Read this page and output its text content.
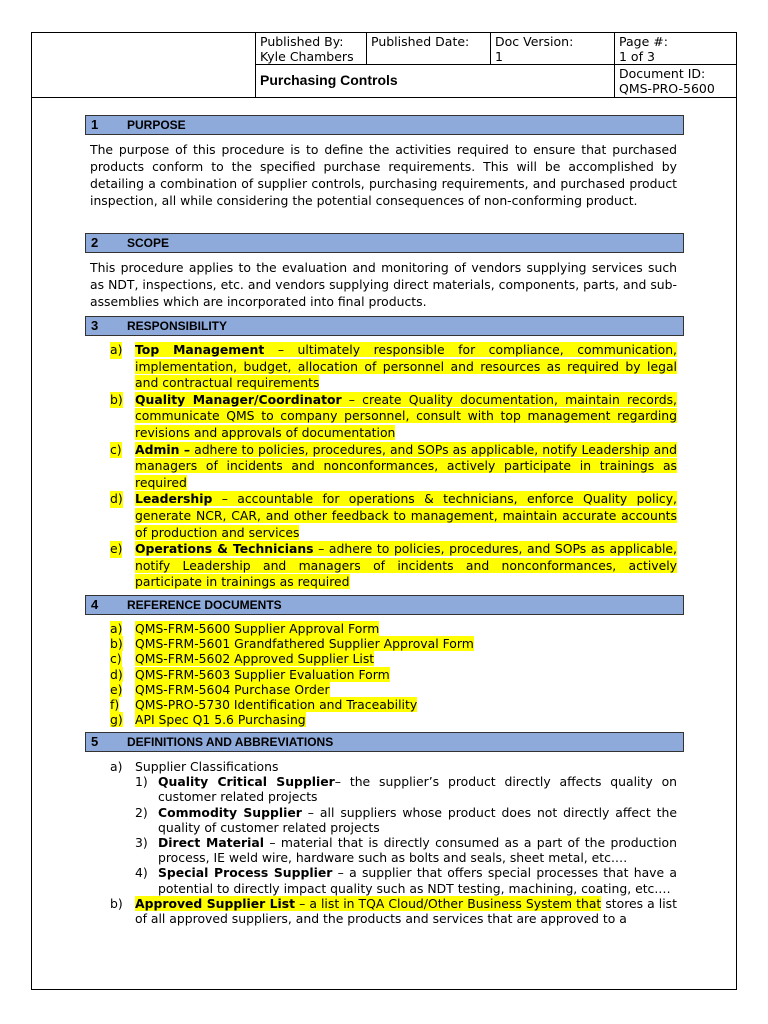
Published By:
Kyle Chambers
Published Date:	Doc Version:
1
Page #:
1 of 3
Purchasing Controls	Document ID:
QMS-PRO-5600
1 PURPOSE

The purpose of this procedure is to define the activities required to ensure that purchased products conform to the specified purchase requirements. This will be accomplished by detailing a combination of supplier controls, purchasing requirements, and purchased product inspection, all while considering the potential consequences of non-conforming product.

2 SCOPE

This procedure applies to the evaluation and monitoring of vendors supplying services such as NDT, inspections, etc. and vendors supplying direct materials, components, parts, and sub-assemblies which are incorporated into final products.

3 RESPONSIBILITY
a) Top Management – ultimately responsible for compliance, communication, implementation, budget, allocation of personnel and resources as required by legal and contractual requirements
b) Quality Manager/Coordinator – create Quality documentation, maintain records, communicate QMS to company personnel, consult with top management regarding revisions and approvals of documentation
c) Admin – adhere to policies, procedures, and SOPs as applicable, notify Leadership and managers of incidents and nonconformances, actively participate in trainings as required
d) Leadership – accountable for operations & technicians, enforce Quality policy, generate NCR, CAR, and other feedback to management, maintain accurate accounts of production and services
e) Operations & Technicians – adhere to policies, procedures, and SOPs as applicable, notify Leadership and managers of incidents and nonconformances, actively participate in trainings as required
4 REFERENCE DOCUMENTS
a) QMS-FRM-5600 Supplier Approval Form
b) QMS-FRM-5601 Grandfathered Supplier Approval Form
c) QMS-FRM-5602 Approved Supplier List
d) QMS-FRM-5603 Supplier Evaluation Form
e) QMS-FRM-5604 Purchase Order
f) QMS-PRO-5730 Identification and Traceability
g) API Spec Q1 5.6 Purchasing
5 DEFINITIONS AND ABBREVIATIONS
a) Supplier Classifications
1) Quality Critical Supplier– the supplier’s product directly affects quality on customer related projects
2) Commodity Supplier – all suppliers whose product does not directly affect the quality of customer related projects
3) Direct Material – material that is directly consumed as a part of the production process, IE weld wire, hardware such as bolts and seals, sheet metal, etc.…
4) Special Process Supplier – a supplier that offers special processes that have a potential to directly impact quality such as NDT testing, machining, coating, etc.…
b) Approved Supplier List – a list in TQA Cloud/Other Business System that stores a list of all approved suppliers, and the products and services that are approved to a
